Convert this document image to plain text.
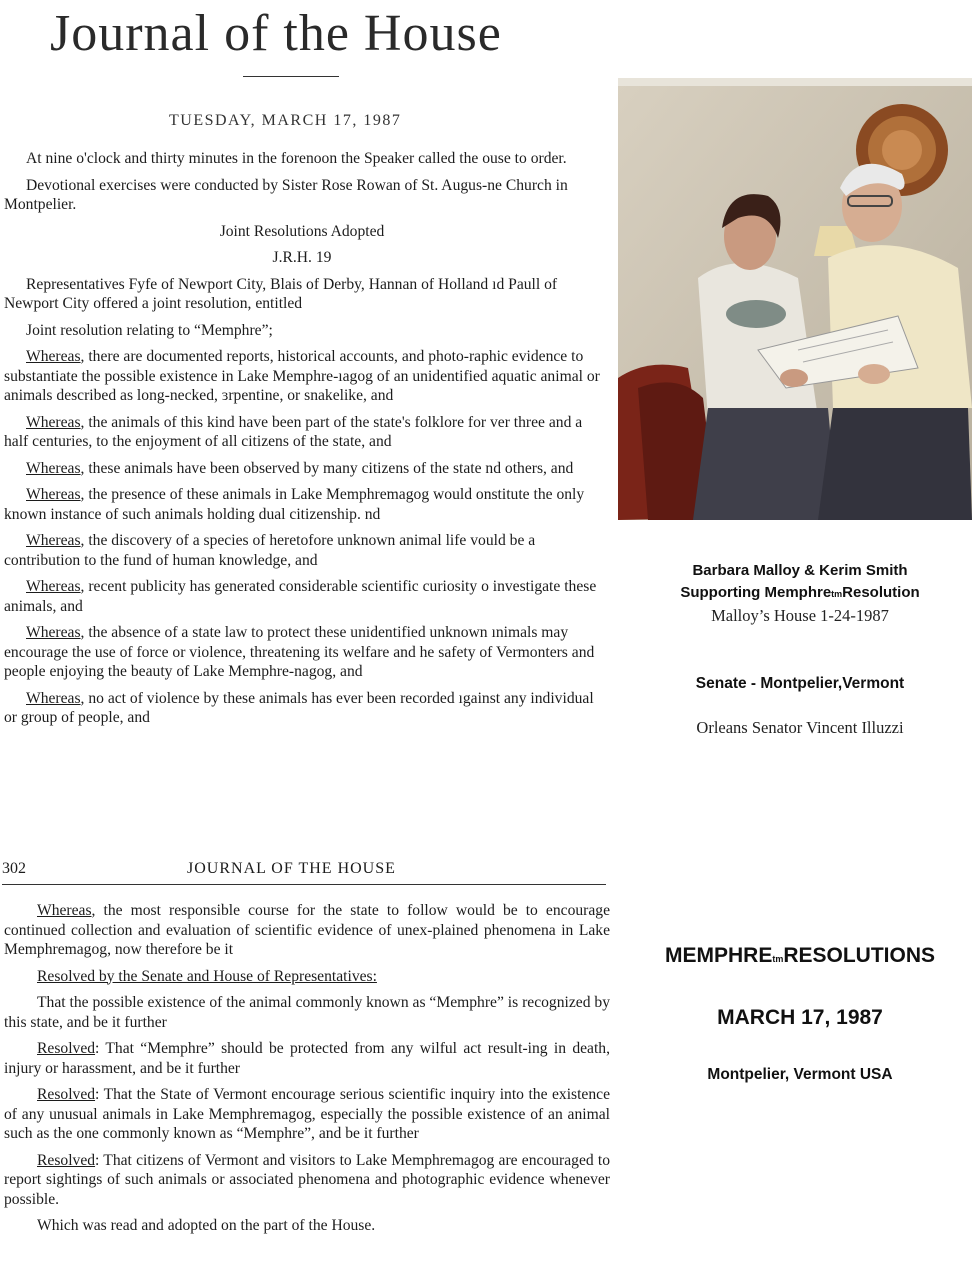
Journal of the House
TUESDAY, MARCH 17, 1987

At nine o'clock and thirty minutes in the forenoon the Speaker called the ouse to order.

Devotional exercises were conducted by Sister Rose Rowan of St. Augus-ne Church in Montpelier.

Joint Resolutions Adopted

J.R.H. 19

Representatives Fyfe of Newport City, Blais of Derby, Hannan of Holland ıd Paull of Newport City offered a joint resolution, entitled

Joint resolution relating to “Memphre”;

Whereas, there are documented reports, historical accounts, and photo-raphic evidence to substantiate the possible existence in Lake Memphre-ıagog of an unidentified aquatic animal or animals described as long-necked, ɜrpentine, or snakelike, and

Whereas, the animals of this kind have been part of the state's folklore for ver three and a half centuries, to the enjoyment of all citizens of the state, and

Whereas, these animals have been observed by many citizens of the state nd others, and

Whereas, the presence of these animals in Lake Memphremagog would onstitute the only known instance of such animals holding dual citizenship. nd

Whereas, the discovery of a species of heretofore unknown animal life vould be a contribution to the fund of human knowledge, and

Whereas, recent publicity has generated considerable scientific curiosity o investigate these animals, and

Whereas, the absence of a state law to protect these unidentified unknown ınimals may encourage the use of force or violence, threatening its welfare and he safety of Vermonters and people enjoying the beauty of Lake Memphre-nagog, and

Whereas, no act of violence by these animals has ever been recorded ıgainst any individual or group of people, and

302	JOURNAL OF THE HOUSE

Whereas, the most responsible course for the state to follow would be to encourage continued collection and evaluation of scientific evidence of unex-plained phenomena in Lake Memphremagog, now therefore be it

Resolved by the Senate and House of Representatives:

That the possible existence of the animal commonly known as “Memphre” is recognized by this state, and be it further

Resolved: That “Memphre” should be protected from any wilful act result-ing in death, injury or harassment, and be it further

Resolved: That the State of Vermont encourage serious scientific inquiry into the existence of any unusual animals in Lake Memphremagog, especially the possible existence of an animal such as the one commonly known as “Memphre”, and be it further

Resolved: That citizens of Vermont and visitors to Lake Memphremagog are encouraged to report sightings of such animals or associated phenomena and photographic evidence whenever possible.

Which was read and adopted on the part of the House.

Barbara Malloy & Kerim Smith
Supporting MemphretmResolution
Malloy’s House 1-24-1987
Senate - Montpelier,Vermont
Orleans Senator Vincent Illuzzi
MEMPHREtmRESOLUTIONS
MARCH 17, 1987
Montpelier, Vermont USA
